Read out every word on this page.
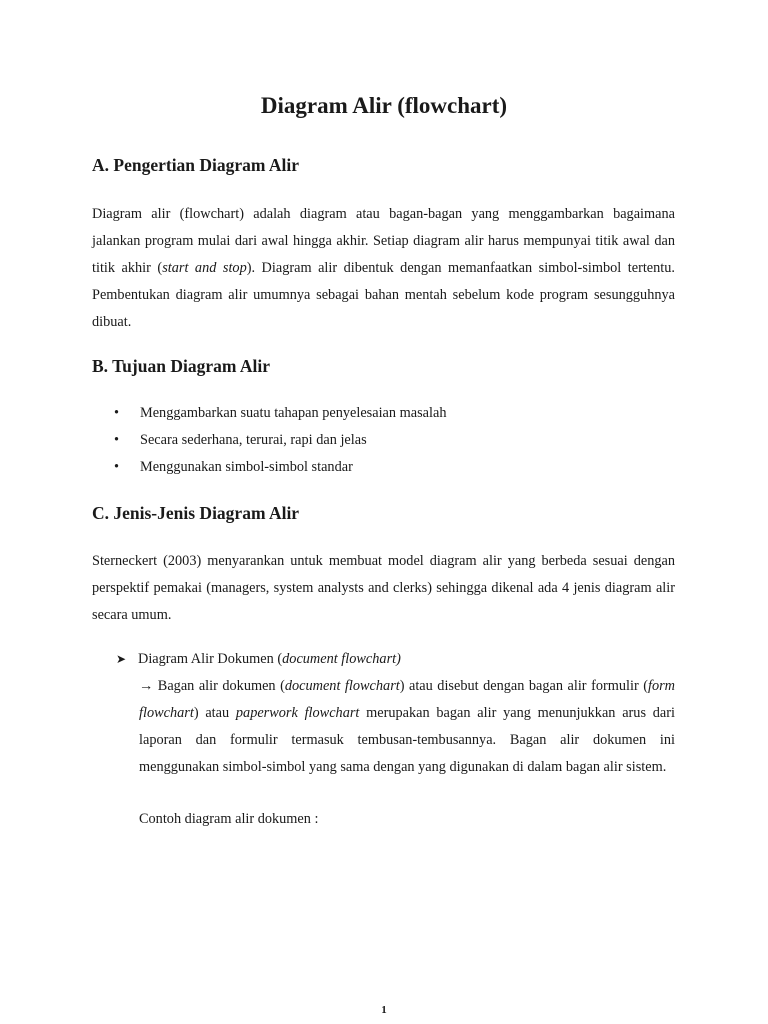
Diagram Alir (flowchart)
A. Pengertian Diagram Alir

Diagram alir (flowchart) adalah diagram atau bagan-bagan yang menggambarkan bagaimana jalankan program mulai dari awal hingga akhir. Setiap diagram alir harus mempunyai titik awal dan titik akhir (start and stop). Diagram alir dibentuk dengan memanfaatkan simbol-simbol tertentu. Pembentukan diagram alir umumnya sebagai bahan mentah sebelum kode program sesungguhnya dibuat.

B. Tujuan Diagram Alir
• Menggambarkan suatu tahapan penyelesaian masalah
• Secara sederhana, terurai, rapi dan jelas
• Menggunakan simbol-simbol standar
C. Jenis-Jenis Diagram Alir

Sterneckert (2003) menyarankan untuk membuat model diagram alir yang berbeda sesuai dengan perspektif pemakai (managers, system analysts and clerks) sehingga dikenal ada 4 jenis diagram alir secara umum.

➤ Diagram Alir Dokumen (document flowchart)

→ Bagan alir dokumen (document flowchart) atau disebut dengan bagan alir formulir (form flowchart) atau paperwork flowchart merupakan bagan alir yang menunjukkan arus dari laporan dan formulir termasuk tembusan-tembusannya. Bagan alir dokumen ini menggunakan simbol-simbol yang sama dengan yang digunakan di dalam bagan alir sistem.

Contoh diagram alir dokumen :
1
